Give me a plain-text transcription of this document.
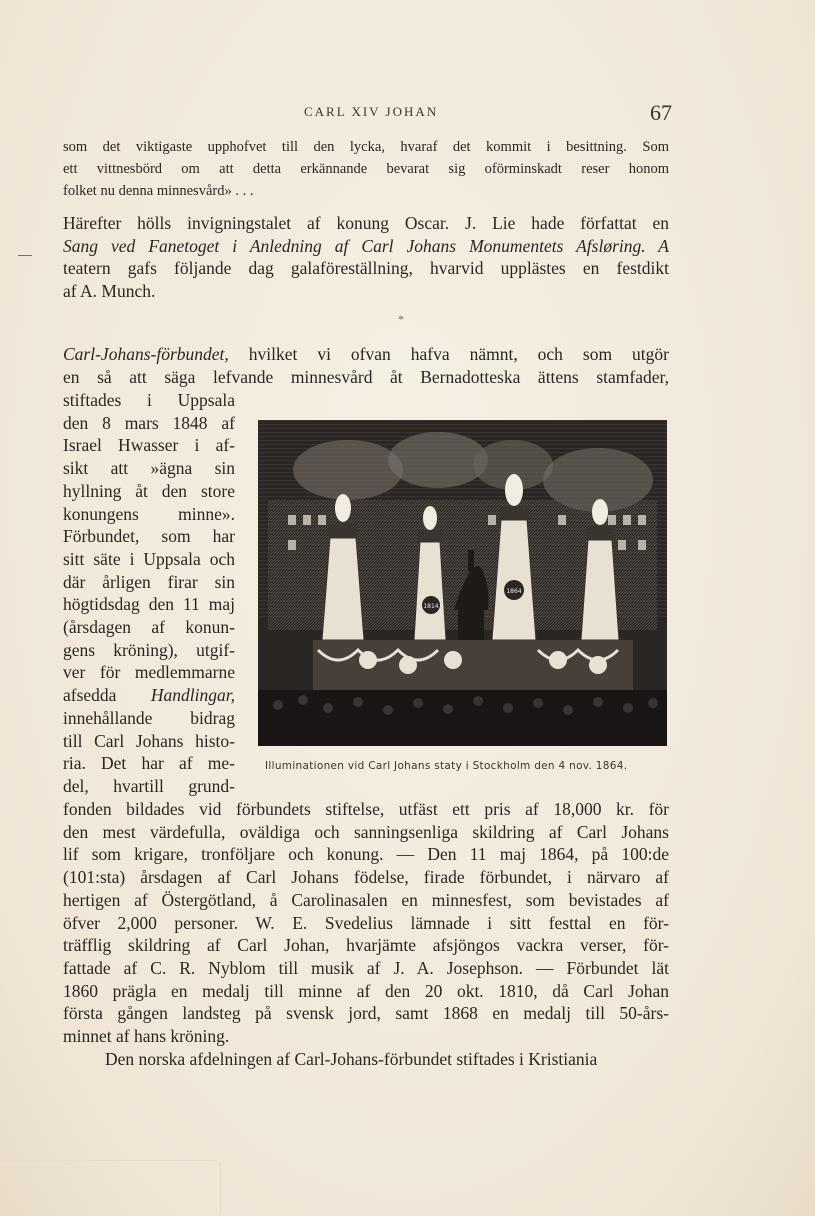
CARL XIV JOHAN	67
som det viktigaste upphofvet till den lycka, hvaraf det kommit i besittning. Som
ett vittnesbörd om att detta erkännande bevarat sig oförminskadt reser honom
folket nu denna minnesvård» . . .
Härefter hölls invigningstalet af konung Oscar. J. Lie hade författat en
Sang ved Fanetoget i Anledning af Carl Johans Monumentets Afsløring. A
teatern gafs följande dag galaföreställning, hvarvid upplästes en festdikt
af A. Munch.
*
Carl-Johans-förbundet, hvilket vi ofvan hafva nämnt, och som utgör
en så att säga lefvande minnesvård åt Bernadotteska ättens stamfader,
stiftades i Uppsala
den 8 mars 1848 af
Israel Hwasser i af-
sikt att »ägna sin
hyllning åt den store
konungens minne».
Förbundet, som har
sitt säte i Uppsala och
där årligen firar sin
högtidsdag den 11 maj
(årsdagen af konun-
gens kröning), utgif-
ver för medlemmarne
afsedda Handlingar,
innehållande bidrag
till Carl Johans histo-
ria. Det har af me-
del, hvartill grund-
1814
1864
Illuminationen vid Carl Johans staty i Stockholm den 4 nov. 1864.
fonden bildades vid förbundets stiftelse, utfäst ett pris af 18,000 kr. för
den mest värdefulla, oväldiga och sanningsenliga skildring af Carl Johans
lif som krigare, tronföljare och konung. — Den 11 maj 1864, på 100:de
(101:sta) årsdagen af Carl Johans födelse, firade förbundet, i närvaro af
hertigen af Östergötland, å Carolinasalen en minnesfest, som bevistades af
öfver 2,000 personer. W. E. Svedelius lämnade i sitt festtal en för-
träfflig skildring af Carl Johan, hvarjämte afsjöngos vackra verser, för-
fattade af C. R. Nyblom till musik af J. A. Josephson. — Förbundet lät
1860 prägla en medalj till minne af den 20 okt. 1810, då Carl Johan
första gången landsteg på svensk jord, samt 1868 en medalj till 50-års-
minnet af hans kröning.
Den norska afdelningen af Carl-Johans-förbundet stiftades i Kristiania
